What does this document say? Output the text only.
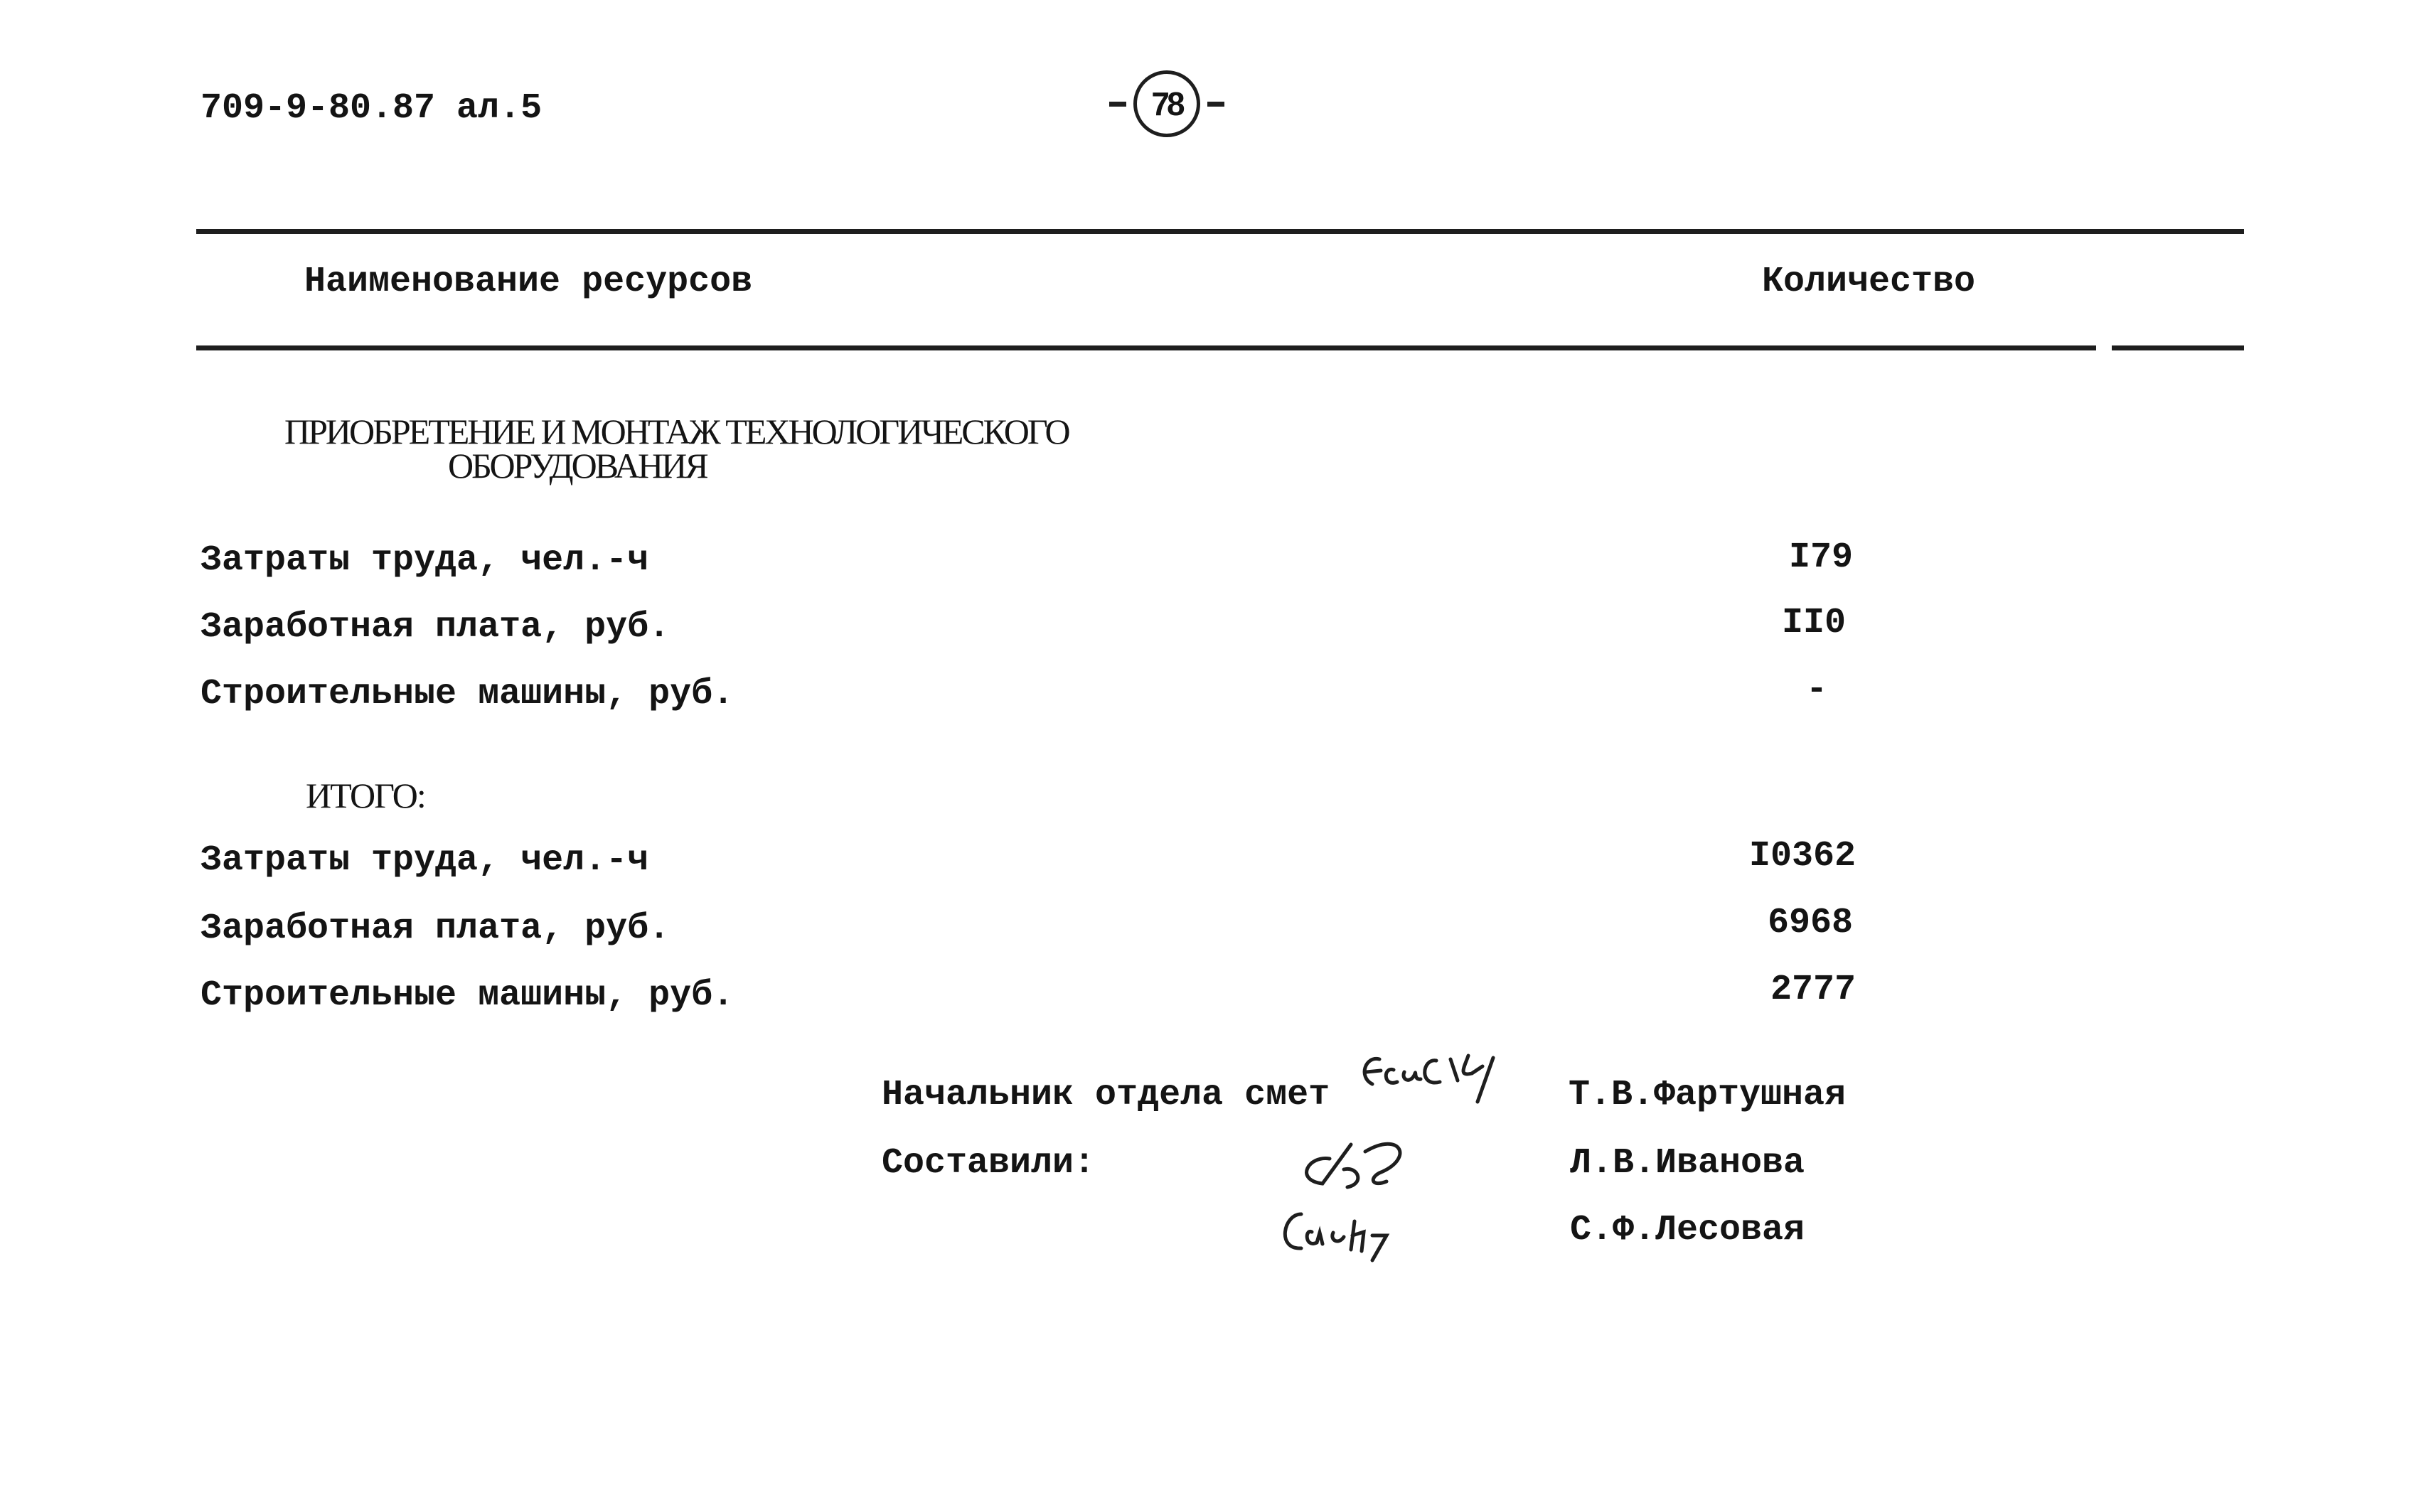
709-9-80.87 ал.5	78
Наименование ресурсов	Количество
ПРИОБРЕТЕНИЕ И МОНТАЖ ТЕХНОЛОГИЧЕСКОГО
ОБОРУДОВАНИЯ
Затраты труда, чел.-ч	I79
Заработная плата, руб.	II0
Строительные машины, руб.	-
ИТОГО:
Затраты труда, чел.-ч	I0362
Заработная плата, руб.	6968
Строительные машины, руб.	2777
Начальник отдела смет	Т.В.Фартушная
Составили:	Л.В.Иванова
С.Ф.Лесовая
